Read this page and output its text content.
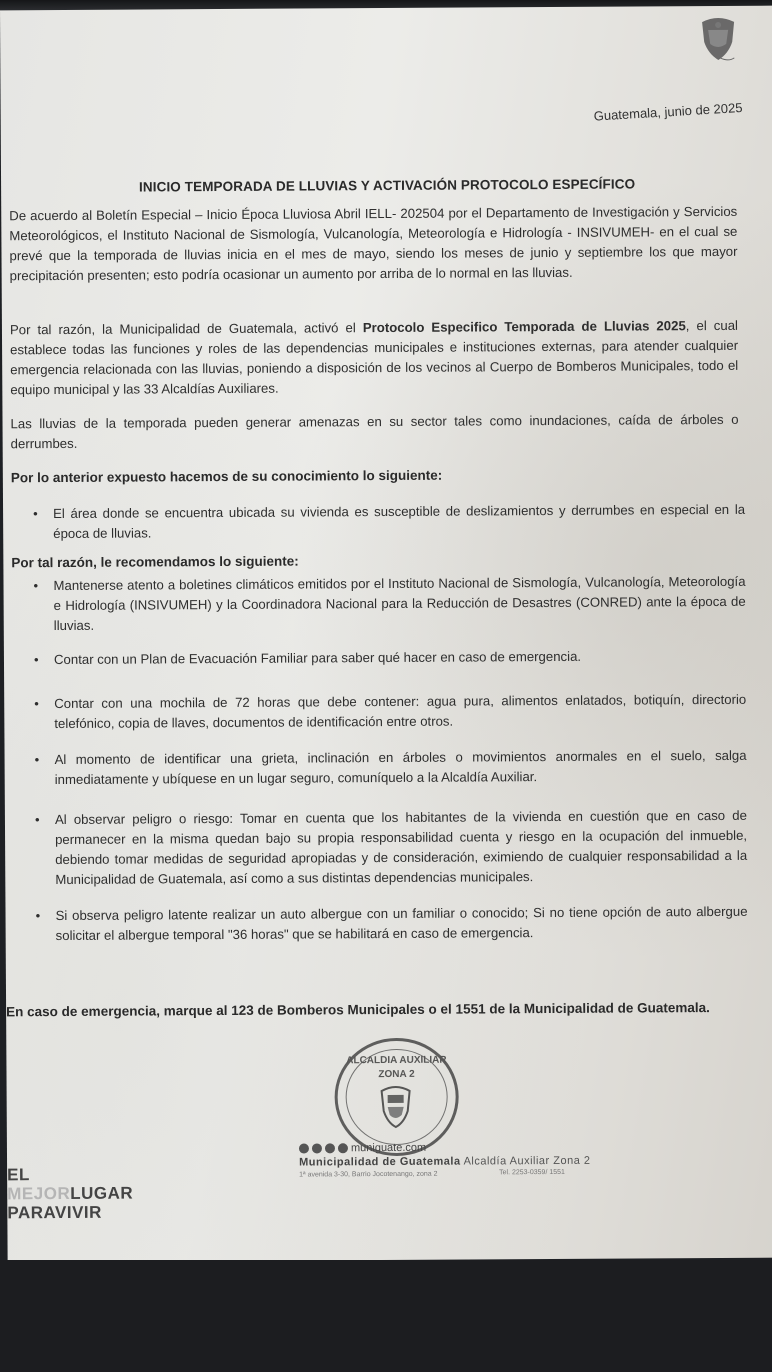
Guatemala, junio de 2025
INICIO TEMPORADA DE LLUVIAS Y ACTIVACIÓN PROTOCOLO ESPECÍFICO
De acuerdo al Boletín Especial – Inicio Época Lluviosa Abril IELL- 202504 por el Departamento de Investigación y Servicios Meteorológicos, el Instituto Nacional de Sismología, Vulcanología, Meteorología e Hidrología - INSIVUMEH- en el cual se prevé que la temporada de lluvias inicia en el mes de mayo, siendo los meses de junio y septiembre los que mayor precipitación presenten; esto podría ocasionar un aumento por arriba de lo normal en las lluvias.
Por tal razón, la Municipalidad de Guatemala, activó el Protocolo Especifico Temporada de Lluvias 2025, el cual establece todas las funciones y roles de las dependencias municipales e instituciones externas, para atender cualquier emergencia relacionada con las lluvias, poniendo a disposición de los vecinos al Cuerpo de Bomberos Municipales, todo el equipo municipal y las 33 Alcaldías Auxiliares.
Las lluvias de la temporada pueden generar amenazas en su sector tales como inundaciones, caída de árboles o derrumbes.
Por lo anterior expuesto hacemos de su conocimiento lo siguiente:
•	El área donde se encuentra ubicada su vivienda es susceptible de deslizamientos y derrumbes en especial en la época de lluvias.
Por tal razón, le recomendamos lo siguiente:
•	Mantenerse atento a boletines climáticos emitidos por el Instituto Nacional de Sismología, Vulcanología, Meteorología e Hidrología (INSIVUMEH) y la Coordinadora Nacional para la Reducción de Desastres (CONRED) ante la época de lluvias.
•	Contar con un Plan de Evacuación Familiar para saber qué hacer en caso de emergencia.
•	Contar con una mochila de 72 horas que debe contener: agua pura, alimentos enlatados, botiquín, directorio telefónico, copia de llaves, documentos de identificación entre otros.
•	Al momento de identificar una grieta, inclinación en árboles o movimientos anormales en el suelo, salga inmediatamente y ubíquese en un lugar seguro, comuníquelo a la Alcaldía Auxiliar.
•	Al observar peligro o riesgo: Tomar en cuenta que los habitantes de la vivienda en cuestión que en caso de permanecer en la misma quedan bajo su propia responsabilidad cuenta y riesgo en la ocupación del inmueble, debiendo tomar medidas de seguridad apropiadas y de consideración, eximiendo de cualquier responsabilidad a la Municipalidad de Guatemala, así como a sus distintas dependencias municipales.
•	Si observa peligro latente realizar un auto albergue con un familiar o conocido; Si no tiene opción de auto albergue solicitar el albergue temporal "36 horas" que se habilitará en caso de emergencia.
En caso de emergencia, marque al 123 de Bomberos Municipales o el 1551 de la Municipalidad de Guatemala.
ALCALDIA AUXILIAR
ZONA 2
muniguate.com
Municipalidad de Guatemala Alcaldía Auxiliar Zona 2
1ª avenida 3-30, Barrio Jocotenango, zona 2	Tel. 2253-0359/ 1551
EL
MEJORLUGAR
PARAVIVIR
